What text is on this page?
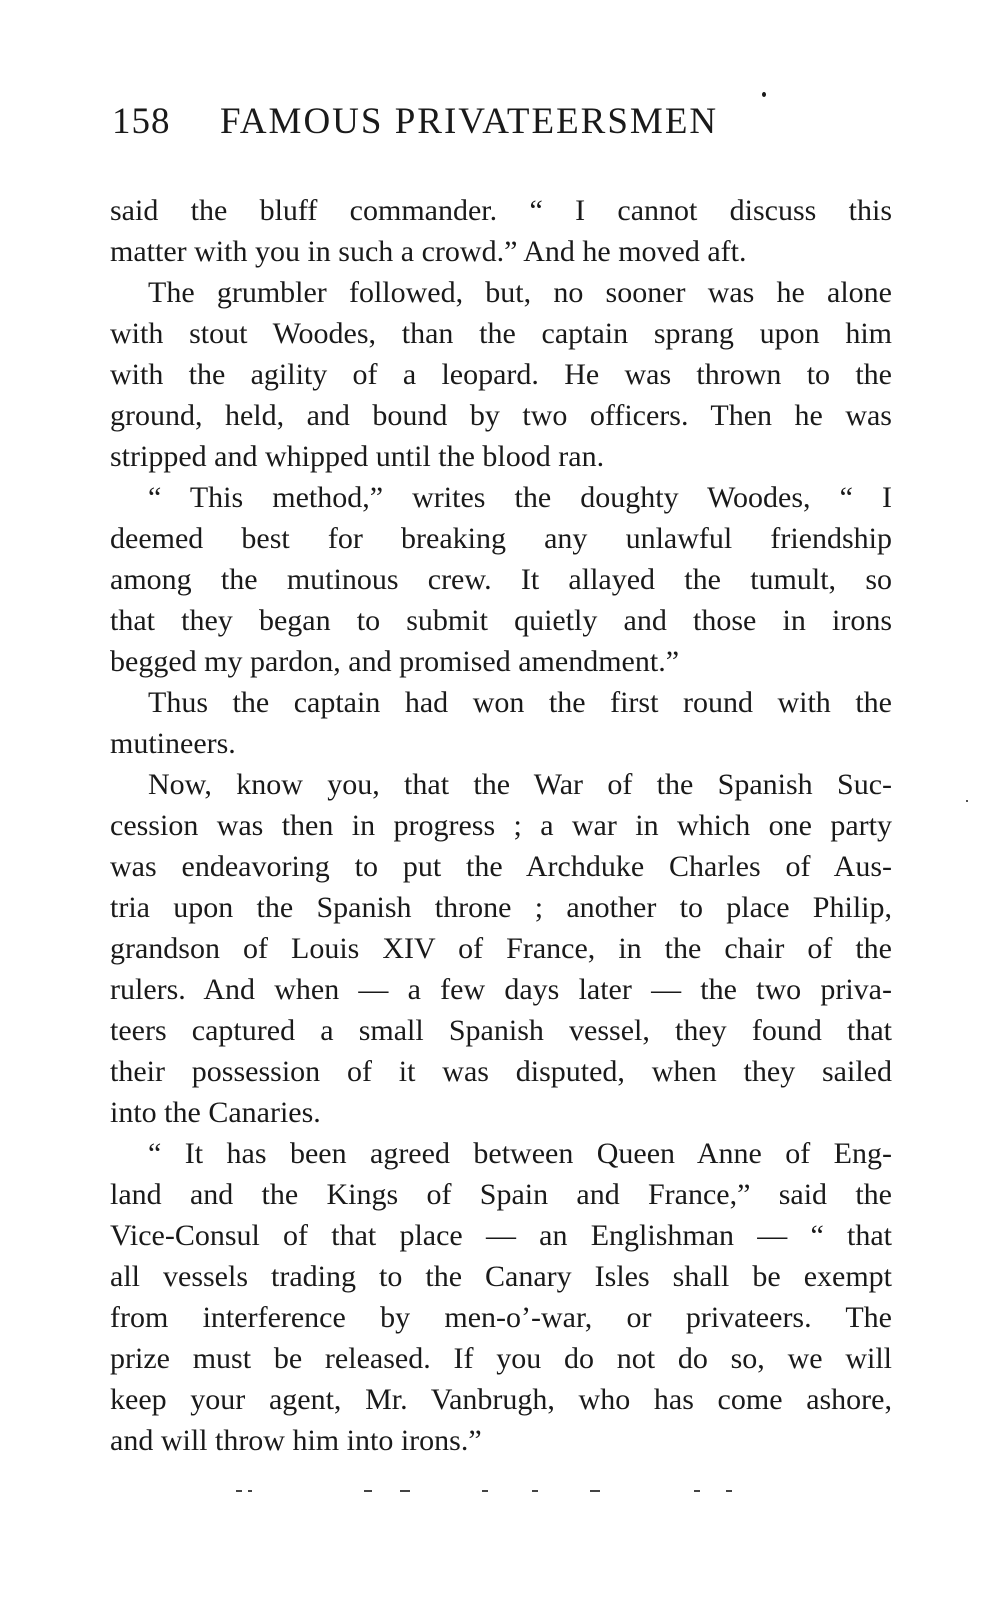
158 FAMOUS PRIVATEERSMEN
said the bluff commander. “ I cannot discuss this
matter with you in such a crowd.” And he moved aft.
The grumbler followed, but, no sooner was he alone
with stout Woodes, than the captain sprang upon him
with the agility of a leopard. He was thrown to the
ground, held, and bound by two officers. Then he was
stripped and whipped until the blood ran.
“ This method,” writes the doughty Woodes, “ I
deemed best for breaking any unlawful friendship
among the mutinous crew. It allayed the tumult, so
that they began to submit quietly and those in irons
begged my pardon, and promised amendment.”
Thus the captain had won the first round with the
mutineers.
Now, know you, that the War of the Spanish Suc-
cession was then in progress ; a war in which one party
was endeavoring to put the Archduke Charles of Aus-
tria upon the Spanish throne ; another to place Philip,
grandson of Louis XIV of France, in the chair of the
rulers. And when — a few days later — the two priva-
teers captured a small Spanish vessel, they found that
their possession of it was disputed, when they sailed
into the Canaries.
“ It has been agreed between Queen Anne of Eng-
land and the Kings of Spain and France,” said the
Vice-Consul of that place — an Englishman — “ that
all vessels trading to the Canary Isles shall be exempt
from interference by men-o’-war, or privateers. The
prize must be released. If you do not do so, we will
keep your agent, Mr. Vanbrugh, who has come ashore,
and will throw him into irons.”
